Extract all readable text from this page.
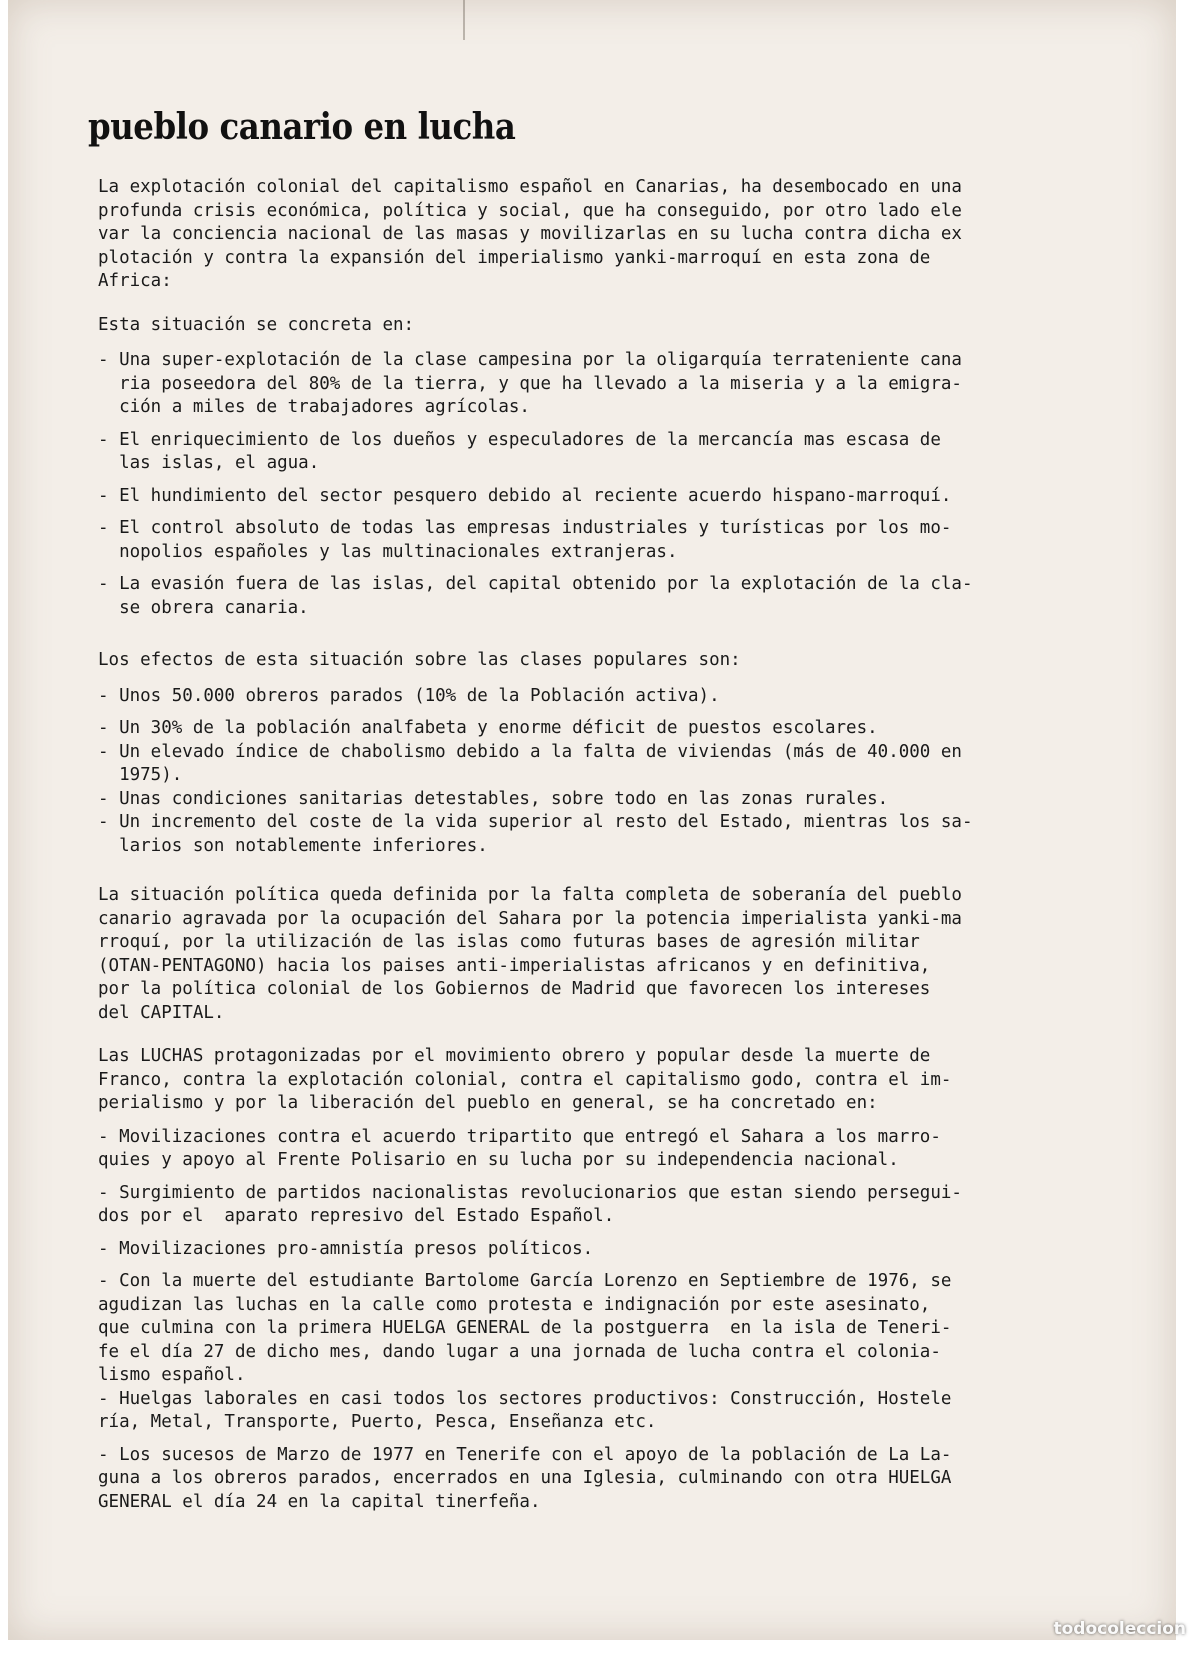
pueblo canario en lucha

La explotación colonial del capitalismo español en Canarias, ha desembocado en una
profunda crisis económica, política y social, que ha conseguido, por otro lado ele
var la conciencia nacional de las masas y movilizarlas en su lucha contra dicha ex
plotación y contra la expansión del imperialismo yanki-marroquí en esta zona de
Africa:

Esta situación se concreta en:

- Una super-explotación de la clase campesina por la oligarquía terrateniente cana
ria poseedora del 80% de la tierra, y que ha llevado a la miseria y a la emigra-
ción a miles de trabajadores agrícolas.

- El enriquecimiento de los dueños y especuladores de la mercancía mas escasa de
las islas, el agua.

- El hundimiento del sector pesquero debido al reciente acuerdo hispano-marroquí.

- El control absoluto de todas las empresas industriales y turísticas por los mo-
nopolios españoles y las multinacionales extranjeras.

- La evasión fuera de las islas, del capital obtenido por la explotación de la cla-
se obrera canaria.

Los efectos de esta situación sobre las clases populares son:

- Unos 50.000 obreros parados (10% de la Población activa).

- Un 30% de la población analfabeta y enorme déficit de puestos escolares.

- Un elevado índice de chabolismo debido a la falta de viviendas (más de 40.000 en
1975).

- Unas condiciones sanitarias detestables, sobre todo en las zonas rurales.

- Un incremento del coste de la vida superior al resto del Estado, mientras los sa-
larios son notablemente inferiores.

La situación política queda definida por la falta completa de soberanía del pueblo
canario agravada por la ocupación del Sahara por la potencia imperialista yanki-ma
rroquí, por la utilización de las islas como futuras bases de agresión militar
(OTAN-PENTAGONO) hacia los paises anti-imperialistas africanos y en definitiva,
por la política colonial de los Gobiernos de Madrid que favorecen los intereses
del CAPITAL.

Las LUCHAS protagonizadas por el movimiento obrero y popular desde la muerte de
Franco, contra la explotación colonial, contra el capitalismo godo, contra el im-
perialismo y por la liberación del pueblo en general, se ha concretado en:

- Movilizaciones contra el acuerdo tripartito que entregó el Sahara a los marro-
quies y apoyo al Frente Polisario en su lucha por su independencia nacional.

- Surgimiento de partidos nacionalistas revolucionarios que estan siendo persegui-
dos por el  aparato represivo del Estado Español.

- Movilizaciones pro-amnistía presos políticos.

- Con la muerte del estudiante Bartolome García Lorenzo en Septiembre de 1976, se
agudizan las luchas en la calle como protesta e indignación por este asesinato,
que culmina con la primera HUELGA GENERAL de la postguerra  en la isla de Teneri-
fe el día 27 de dicho mes, dando lugar a una jornada de lucha contra el colonia-
lismo español.

- Huelgas laborales en casi todos los sectores productivos: Construcción, Hostele
ría, Metal, Transporte, Puerto, Pesca, Enseñanza etc.

- Los sucesos de Marzo de 1977 en Tenerife con el apoyo de la población de La La-
guna a los obreros parados, encerrados en una Iglesia, culminando con otra HUELGA
GENERAL el día 24 en la capital tinerfeña.

todocoleccion
